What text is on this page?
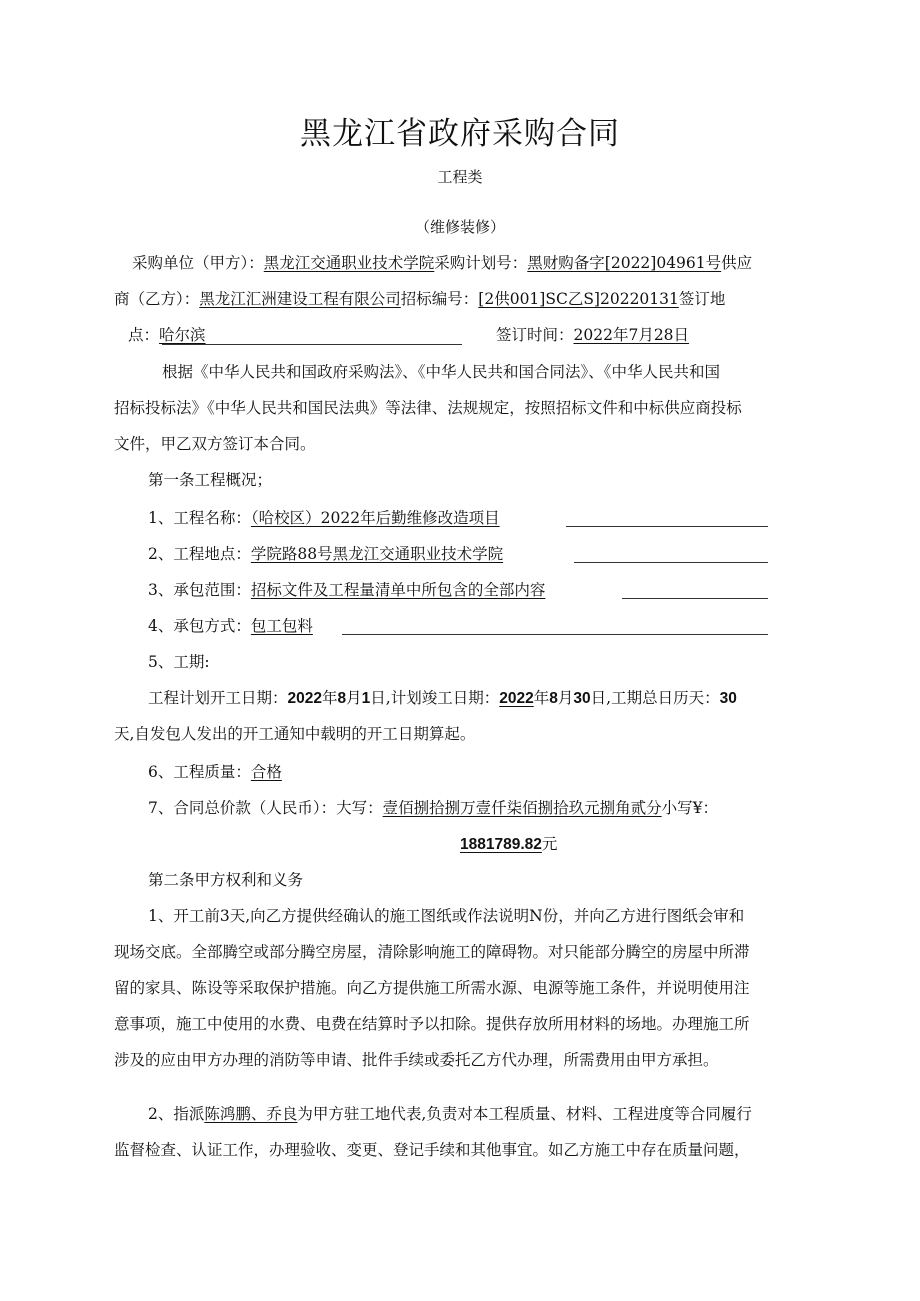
黑龙江省政府采购合同
工程类
（维修装修）
采购单位（甲方）：黑龙江交通职业技术学院采购计划号：黑财购备字[2022]04961号供应
商（乙方）：黑龙江汇洲建设工程有限公司招标编号：[2供001]SC乙S]20220131签订地
点：哈尔滨	签订时间：2022年7月28日
根据《中华人民共和国政府采购法》、《中华人民共和国合同法》、《中华人民共和国
招标投标法》《中华人民共和国民法典》等法律、法规规定，按照招标文件和中标供应商投标
文件，甲乙双方签订本合同。
第一条工程概况；
1、工程名称：（哈校区）2022年后勤维修改造项目
2、工程地点：学院路88号黑龙江交通职业技术学院
3、承包范围：招标文件及工程量清单中所包含的全部内容
4、承包方式：包工包料
5、工期:
工程计划开工日期：2022年8月1日,计划竣工日期：2022年8月30日,工期总日历天：30
天,自发包人发出的开工通知中载明的开工日期算起。
6、工程质量：合格
7、合同总价款（人民币）：大写：壹佰捌拾捌万壹仟柒佰捌拾玖元捌角贰分小写¥：
1881789.82元
第二条甲方权利和义务
1、开工前3天,向乙方提供经确认的施工图纸或作法说明N份，并向乙方进行图纸会审和
现场交底。全部腾空或部分腾空房屋，清除影响施工的障碍物。对只能部分腾空的房屋中所滞
留的家具、陈设等采取保护措施。向乙方提供施工所需水源、电源等施工条件，并说明使用注
意事项，施工中使用的水费、电费在结算时予以扣除。提供存放所用材料的场地。办理施工所
涉及的应由甲方办理的消防等申请、批件手续或委托乙方代办理，所需费用由甲方承担。
2、指派陈鸿鹏、乔良为甲方驻工地代表,负责对本工程质量、材料、工程进度等合同履行
监督检查、认证工作，办理验收、变更、登记手续和其他事宜。如乙方施工中存在质量问题，
